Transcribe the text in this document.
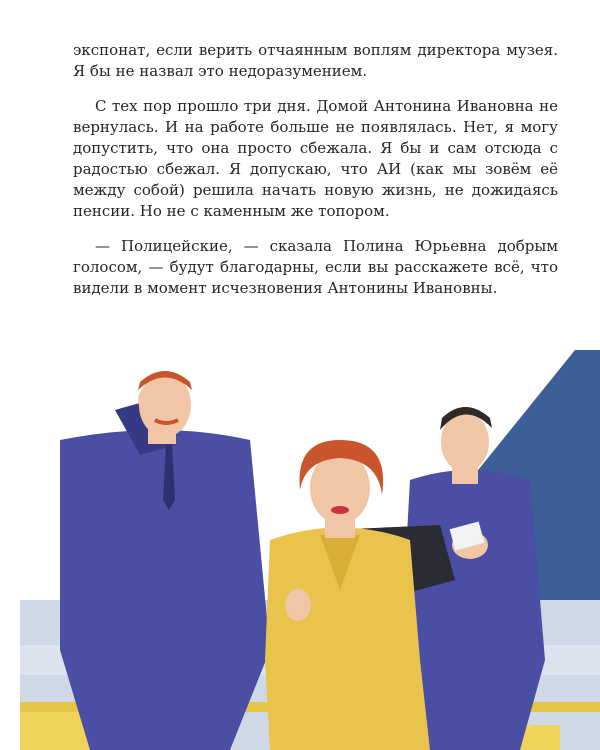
экспонат, если верить отчаянным воплям директора музея. Я бы не назвал это недоразумением.

С тех пор прошло три дня. Домой Антонина Ивановна не вернулась. И на работе больше не появлялась. Нет, я могу допустить, что она просто сбежала. Я бы и сам отсюда с радостью сбежал. Я допускаю, что АИ (как мы зовём её между собой) решила начать новую жизнь, не дожидаясь пенсии. Но не с каменным же топором.

— Полицейские, — сказала Полина Юрьевна добрым голосом, — будут благодарны, если вы расскажете всё, что видели в момент исчезновения Антонины Ивановны.
